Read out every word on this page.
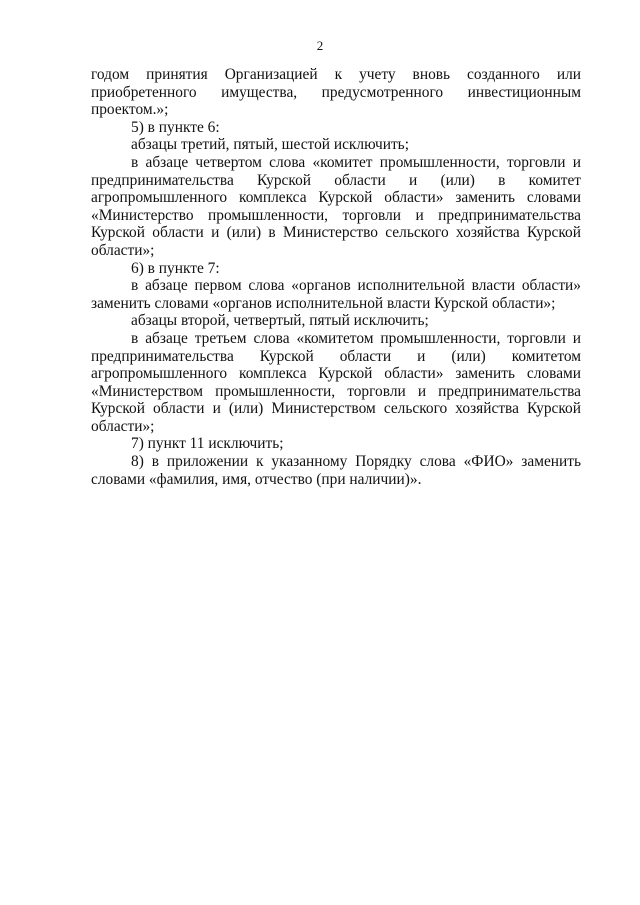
2

годом принятия Организацией к учету вновь созданного или приобретенного имущества, предусмотренного инвестиционным проектом.»;

5) в пункте 6:

абзацы третий, пятый, шестой исключить;

в абзаце четвертом слова «комитет промышленности, торговли и предпринимательства Курской области и (или) в комитет агропромышленного комплекса Курской области» заменить словами «Министерство промышленности, торговли и предпринимательства Курской области и (или) в Министерство сельского хозяйства Курской области»;

6) в пункте 7:

в абзаце первом слова «органов исполнительной власти области» заменить словами «органов исполнительной власти Курской области»;

абзацы второй, четвертый, пятый исключить;

в абзаце третьем слова «комитетом промышленности, торговли и предпринимательства Курской области и (или) комитетом агропромышленного комплекса Курской области» заменить словами «Министерством промышленности, торговли и предпринимательства Курской области и (или) Министерством сельского хозяйства Курской области»;

7) пункт 11 исключить;

8) в приложении к указанному Порядку слова «ФИО» заменить словами «фамилия, имя, отчество (при наличии)».
